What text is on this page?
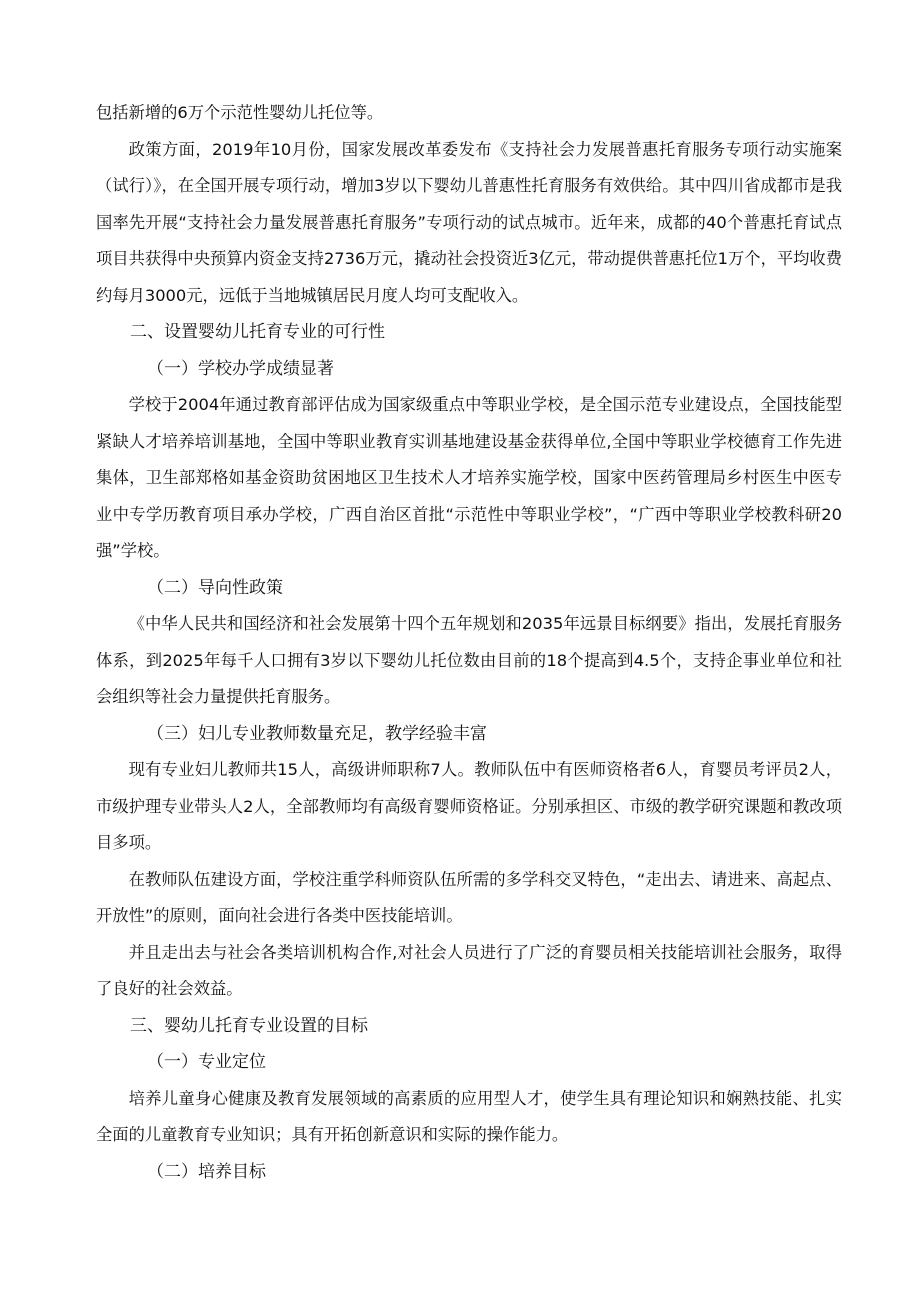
包括新增的6万个示范性婴幼儿托位等。

政策方面，2019年10月份，国家发展改革委发布《支持社会力发展普惠托育服务专项行动实施案（试行）》，在全国开展专项行动，增加3岁以下婴幼儿普惠性托育服务有效供给。其中四川省成都市是我国率先开展“支持社会力量发展普惠托育服务”专项行动的试点城市。近年来，成都的40个普惠托育试点项目共获得中央预算内资金支持2736万元，撬动社会投资近3亿元，带动提供普惠托位1万个，平均收费约每月3000元，远低于当地城镇居民月度人均可支配收入。

二、设置婴幼儿托育专业的可行性

（一）学校办学成绩显著

学校于2004年通过教育部评估成为国家级重点中等职业学校，是全国示范专业建设点，全国技能型紧缺人才培养培训基地，全国中等职业教育实训基地建设基金获得单位,全国中等职业学校德育工作先进集体，卫生部郑格如基金资助贫困地区卫生技术人才培养实施学校，国家中医药管理局乡村医生中医专业中专学历教育项目承办学校，广西自治区首批“示范性中等职业学校”，“广西中等职业学校教科研20强”学校。

（二）导向性政策

《中华人民共和国经济和社会发展第十四个五年规划和2035年远景目标纲要》指出，发展托育服务体系，到2025年每千人口拥有3岁以下婴幼儿托位数由目前的18个提高到4.5个，支持企事业单位和社会组织等社会力量提供托育服务。

（三）妇儿专业教师数量充足，教学经验丰富

现有专业妇儿教师共15人，高级讲师职称7人。教师队伍中有医师资格者6人，育婴员考评员2人，市级护理专业带头人2人，全部教师均有高级育婴师资格证。分别承担区、市级的教学研究课题和教改项目多项。

在教师队伍建设方面，学校注重学科师资队伍所需的多学科交叉特色，“走出去、请进来、高起点、开放性”的原则，面向社会进行各类中医技能培训。

并且走出去与社会各类培训机构合作,对社会人员进行了广泛的育婴员相关技能培训社会服务，取得了良好的社会效益。

三、婴幼儿托育专业设置的目标

（一）专业定位

培养儿童身心健康及教育发展领域的高素质的应用型人才，使学生具有理论知识和娴熟技能、扎实全面的儿童教育专业知识；具有开拓创新意识和实际的操作能力。

（二）培养目标
